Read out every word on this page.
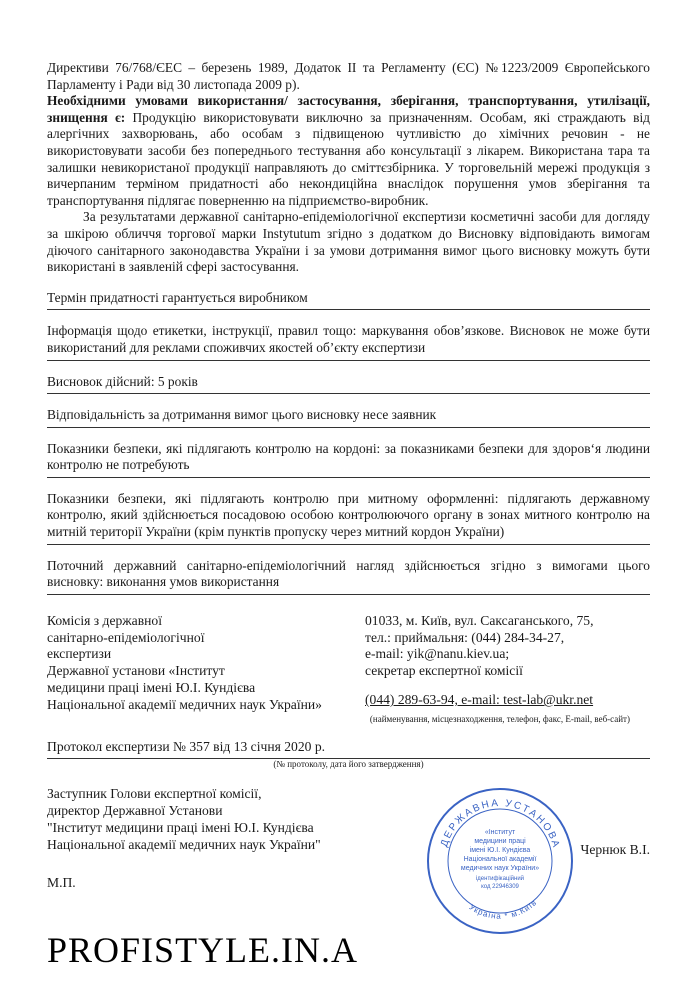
Директиви 76/768/ЄЕС – березень 1989, Додаток II та Регламенту (ЄС) №1223/2009 Європейського Парламенту і Ради від 30 листопада 2009 р).

Необхідними умовами використання/ застосування, зберігання, транспортування, утилізації, знищення є: Продукцію використовувати виключно за призначенням. Особам, які страждають від алергічних захворювань, або особам з підвищеною чутливістю до хімічних речовин - не використовувати засоби без попереднього тестування або консультації з лікарем. Використана тара та залишки невикористаної продукції направляють до сміттєзбірника. У торговельній мережі продукція з вичерпаним терміном придатності або некондиційна внаслідок порушення умов зберігання та транспортування підлягає поверненню на підприємство-виробник.

За результатами державної санітарно-епідеміологічної експертизи косметичні засоби для догляду за шкірою обличчя торгової марки Instytutum згідно з додатком до Висновку відповідають вимогам діючого санітарного законодавства України і за умови дотримання вимог цього висновку можуть бути використані в заявленій сфері застосування.

Термін придатності гарантується виробником
Інформація щодо етикетки, інструкції, правил тощо: маркування обов’язкове. Висновок не може бути використаний для реклами споживчих якостей об’єкту експертизи
Висновок дійсний: 5 років
Відповідальність за дотримання вимог цього висновку несе заявник
Показники безпеки, які підлягають контролю на кордоні: за показниками безпеки для здоров‘я людини контролю не потребують
Показники безпеки, які підлягають контролю при митному оформленні: підлягають державному контролю, який здійснюється посадовою особою контролюючого органу в зонах митного контролю на митній території України (крім пунктів пропуску через митний кордон України)
Поточний державний санітарно-епідеміологічний нагляд здійснюється згідно з вимогами цього висновку: виконання умов використання
Комісія з державної
санітарно-епідеміологічної
експертизи
Державної установи «Інститут
медицини праці імені Ю.І. Кундієва
Національної академії медичних наук України»
01033, м. Київ, вул. Саксаганського, 75,
тел.: приймальня: (044) 284-34-27,
e-mail: yik@nanu.kiev.ua;
секретар експертної комісії
(044) 289-63-94, e-mail: test-lab@ukr.net
(найменування, місцезнаходження, телефон, факс, E-mail, веб-сайт)
Протокол експертизи № 357 від 13 січня 2020 р.
(№ протоколу, дата його затвердження)
Заступник Голови експертної комісії,
директор Державної Установи
"Інститут медицини праці імені Ю.І. Кундієва
Національної академії медичних наук України"
М.П.
ДЕРЖАВНА УСТАНОВА
Україна * м.Київ
«Інститут
медицини праці
імені Ю.І. Кундієва
Національної академії
медичних наук України»
ідентифікаційний
код 22946309
Чернюк В.І.
PROFISTYLE.IN.A
